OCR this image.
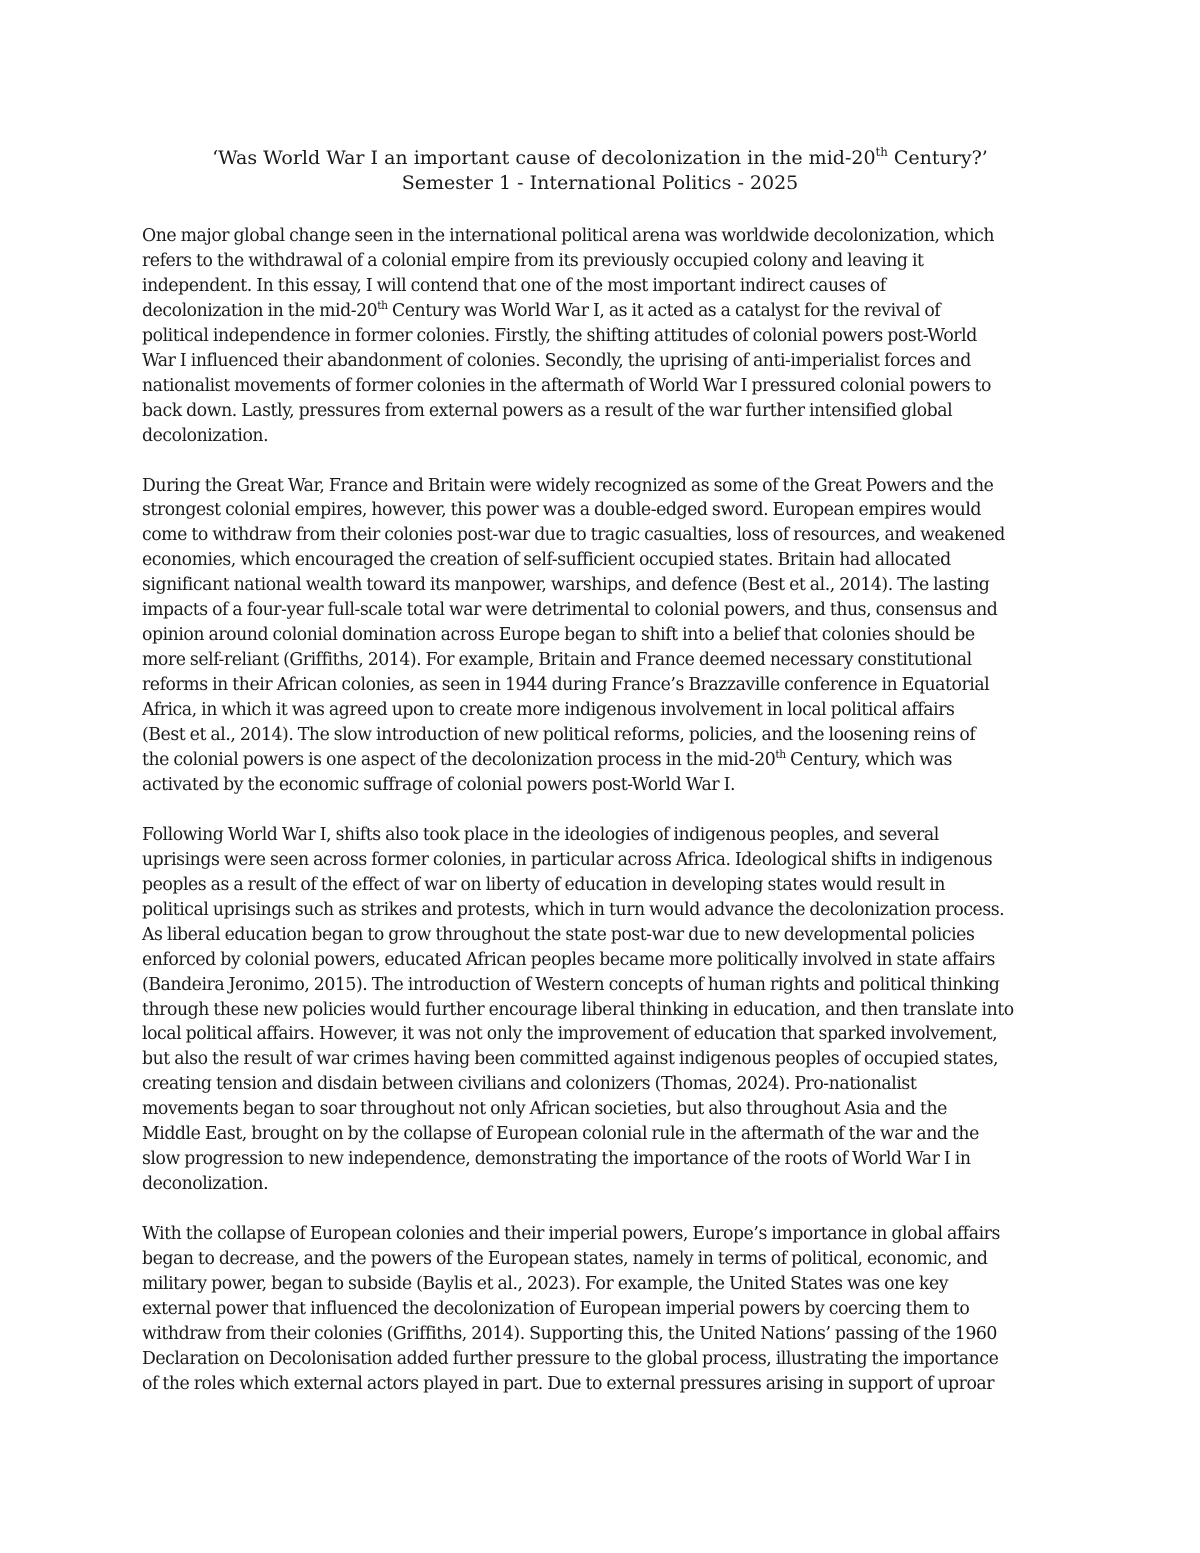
‘Was World War I an important cause of decolonization in the mid-20th Century?’
Semester 1 - International Politics - 2025
One major global change seen in the international political arena was worldwide decolonization, which
refers to the withdrawal of a colonial empire from its previously occupied colony and leaving it
independent. In this essay, I will contend that one of the most important indirect causes of
decolonization in the mid-20th Century was World War I, as it acted as a catalyst for the revival of
political independence in former colonies. Firstly, the shifting attitudes of colonial powers post-World
War I influenced their abandonment of colonies. Secondly, the uprising of anti-imperialist forces and
nationalist movements of former colonies in the aftermath of World War I pressured colonial powers to
back down. Lastly, pressures from external powers as a result of the war further intensified global
decolonization.
During the Great War, France and Britain were widely recognized as some of the Great Powers and the
strongest colonial empires, however, this power was a double-edged sword. European empires would
come to withdraw from their colonies post-war due to tragic casualties, loss of resources, and weakened
economies, which encouraged the creation of self-sufficient occupied states. Britain had allocated
significant national wealth toward its manpower, warships, and defence (Best et al., 2014). The lasting
impacts of a four-year full-scale total war were detrimental to colonial powers, and thus, consensus and
opinion around colonial domination across Europe began to shift into a belief that colonies should be
more self-reliant (Griffiths, 2014). For example, Britain and France deemed necessary constitutional
reforms in their African colonies, as seen in 1944 during France’s Brazzaville conference in Equatorial
Africa, in which it was agreed upon to create more indigenous involvement in local political affairs
(Best et al., 2014). The slow introduction of new political reforms, policies, and the loosening reins of
the colonial powers is one aspect of the decolonization process in the mid-20th Century, which was
activated by the economic suffrage of colonial powers post-World War I.
Following World War I, shifts also took place in the ideologies of indigenous peoples, and several
uprisings were seen across former colonies, in particular across Africa. Ideological shifts in indigenous
peoples as a result of the effect of war on liberty of education in developing states would result in
political uprisings such as strikes and protests, which in turn would advance the decolonization process.
As liberal education began to grow throughout the state post-war due to new developmental policies
enforced by colonial powers, educated African peoples became more politically involved in state affairs
(Bandeira Jeronimo, 2015). The introduction of Western concepts of human rights and political thinking
through these new policies would further encourage liberal thinking in education, and then translate into
local political affairs. However, it was not only the improvement of education that sparked involvement,
but also the result of war crimes having been committed against indigenous peoples of occupied states,
creating tension and disdain between civilians and colonizers (Thomas, 2024). Pro-nationalist
movements began to soar throughout not only African societies, but also throughout Asia and the
Middle East, brought on by the collapse of European colonial rule in the aftermath of the war and the
slow progression to new independence, demonstrating the importance of the roots of World War I in
deconolization.
With the collapse of European colonies and their imperial powers, Europe’s importance in global affairs
began to decrease, and the powers of the European states, namely in terms of political, economic, and
military power, began to subside (Baylis et al., 2023). For example, the United States was one key
external power that influenced the decolonization of European imperial powers by coercing them to
withdraw from their colonies (Griffiths, 2014). Supporting this, the United Nations’ passing of the 1960
Declaration on Decolonisation added further pressure to the global process, illustrating the importance
of the roles which external actors played in part. Due to external pressures arising in support of uproar
